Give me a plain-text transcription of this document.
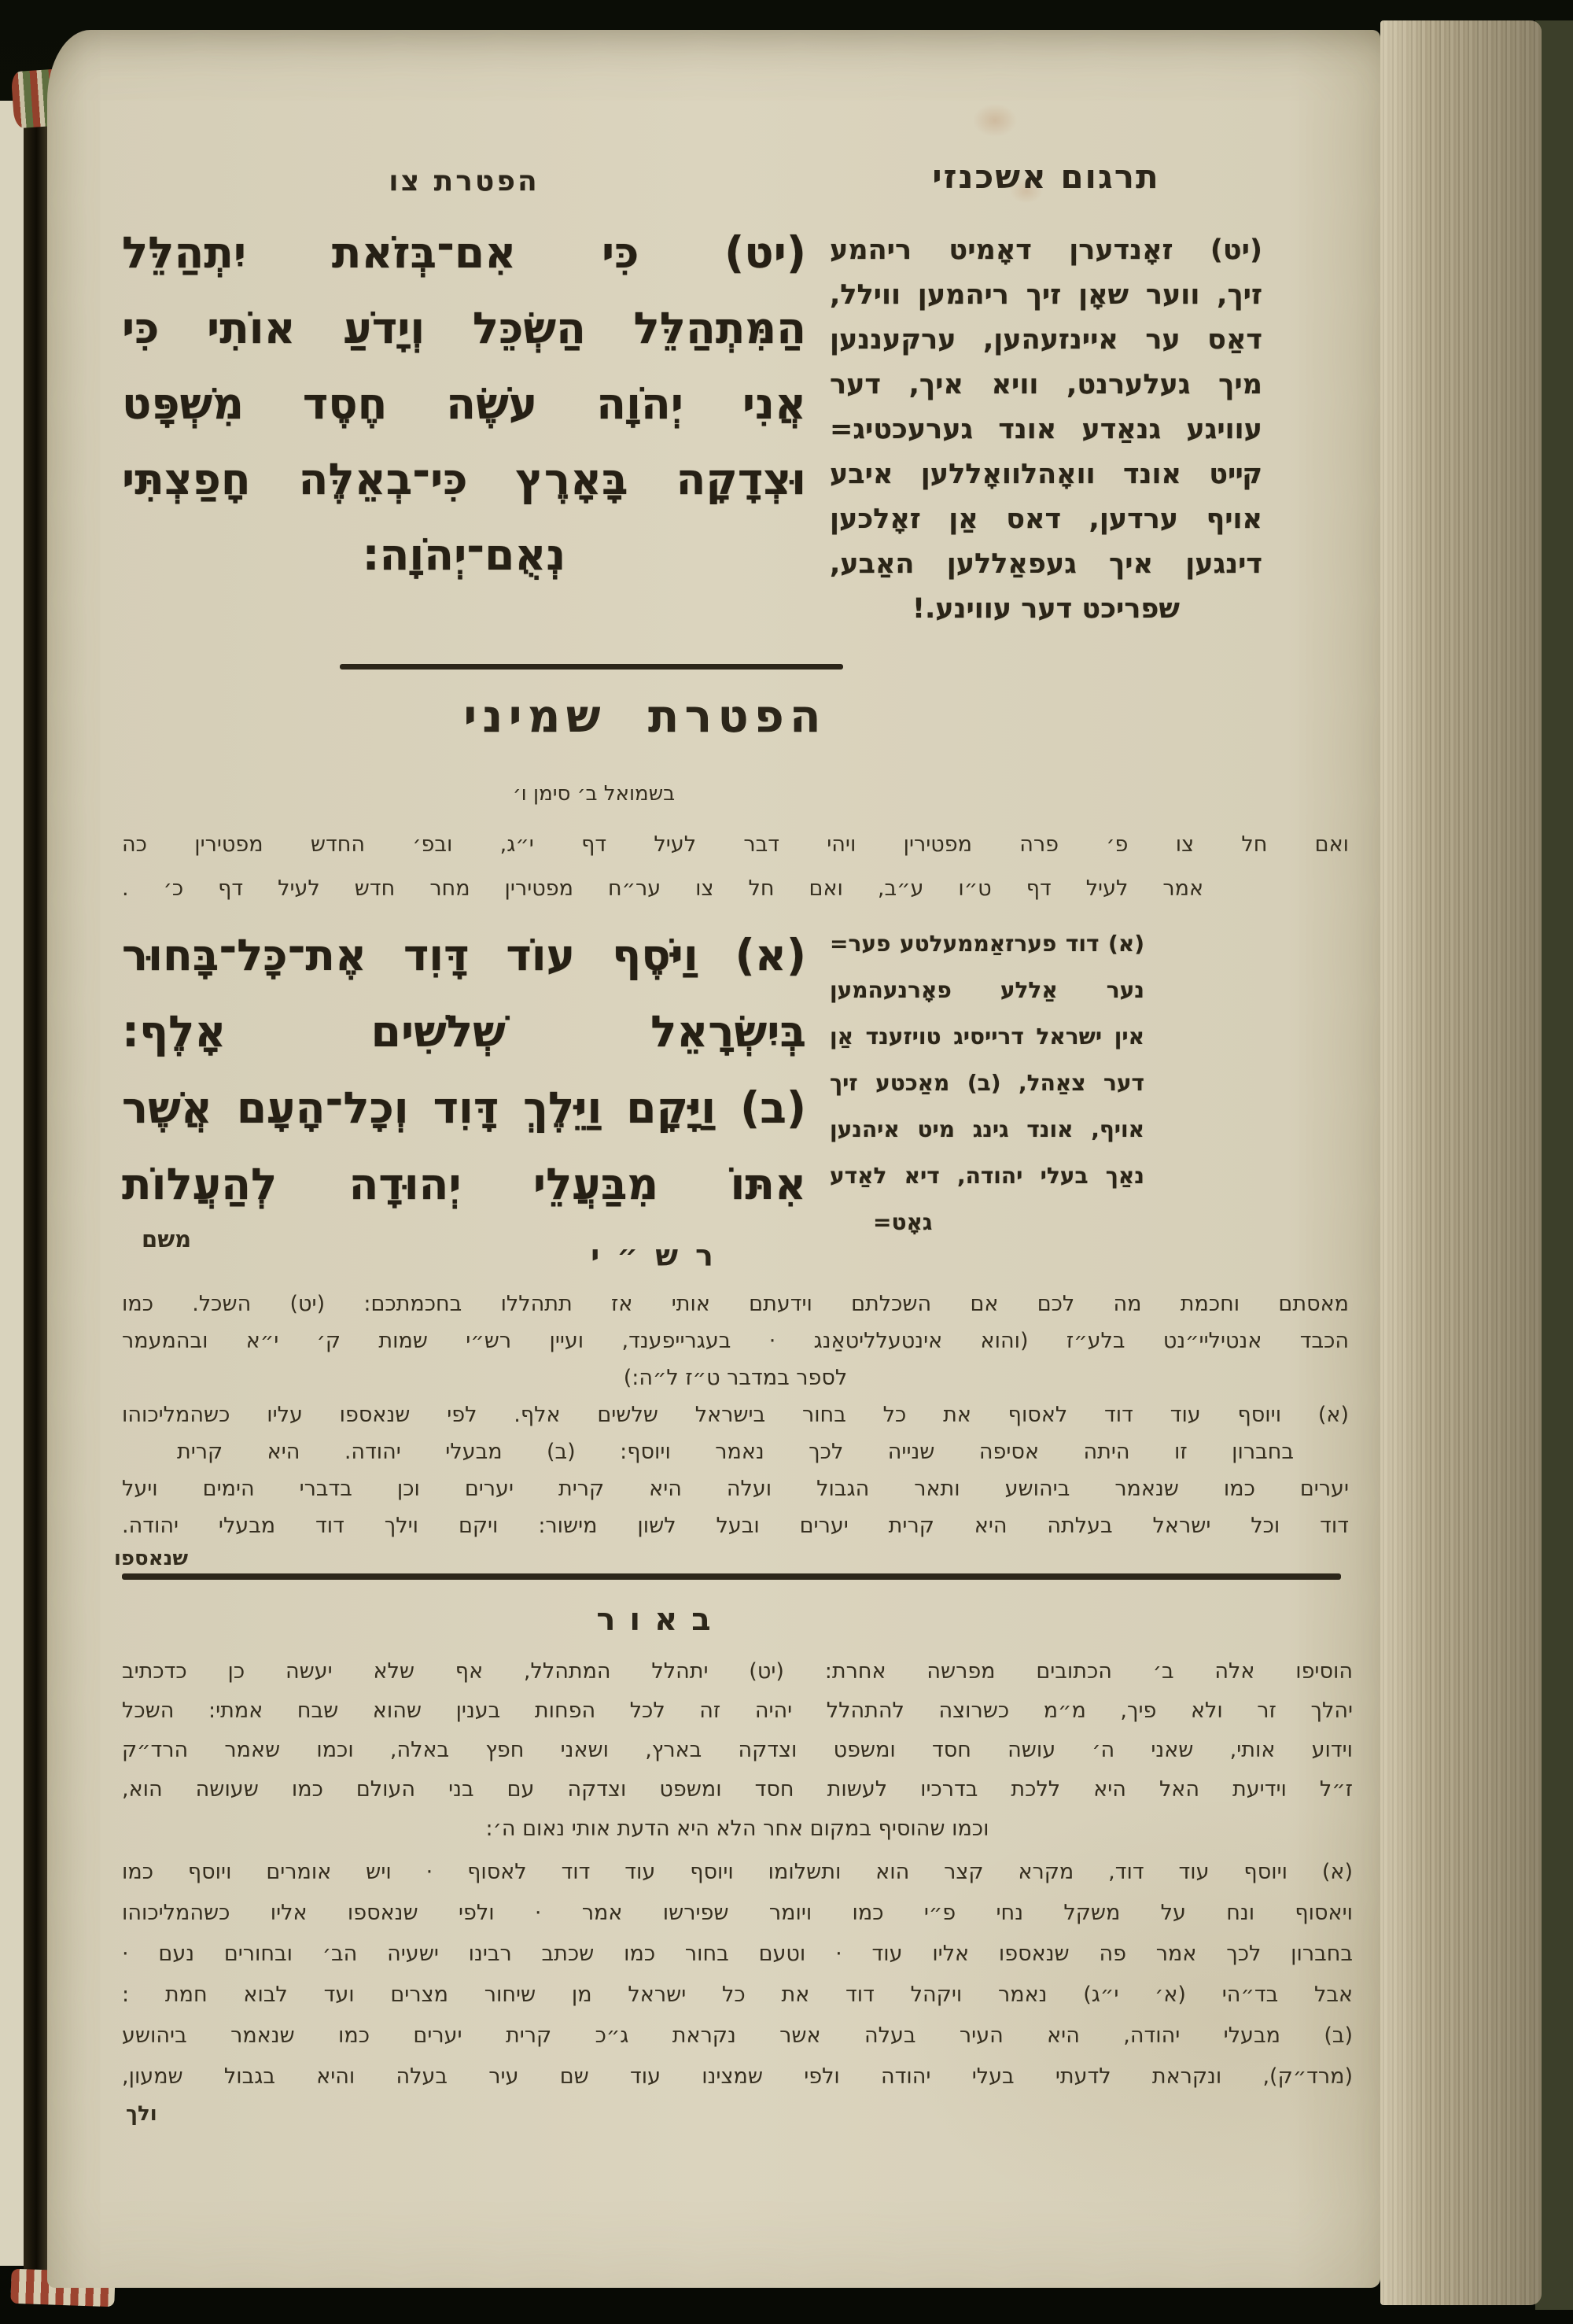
תרגום אשכנזי
(יט) זאָנדערן דאָמיט ריהמע
זיך, ווער שאָן זיך ריהמען ווילל,
דאַס ער איינזעהען, ערקעננען
מיך געלערנט, וויא איך, דער
עוויגע גנאַדע אונד גערעכטיג=
קײט אונד וואָהלוואָללען איבע
אויף ערדען, דאס אַן זאָלכען
דינגען איך געפאַללען האַבע,
שפריכט דער עווינע.!
הפטרת צו
(יט) כִּי אִם־בְּזֹאת יִתְהַלֵּל
הַמִּתְהַלֵּל הַשְׂכֵּל וְיָדֹעַ אוֹתִי כִּי
אֲנִי יְהֹוָה עֹשֶׂה חֶסֶד מִשְׁפָּט
וּצְדָקָה בָּאָרֶץ כִּי־בְאֵלֶּה חָפַצְתִּי
נְאֻם־יְהֹוָה:
הפטרת שמיני
בשמואל ב׳ סימן ו׳
ואם חל צו פ׳ פרה מפטירין ויהי דבר לעיל דף י״ג, ובפ׳ החדש מפטירין כה
אמר לעיל דף ט״ו ע״ב, ואם חל צו ער״ח מפטירין מחר חדש לעיל דף כ׳ .
(א) וַיֹּסֶף עוֹד דָּוִד אֶת־כָּל־בָּחוּר
בְּיִשְׂרָאֵל שְׁלֹשִׁים אָלֶף:
(ב) וַיָּקָם וַיֵּלֶךְ דָּוִד וְכָל־הָעָם אֲשֶׁר
אִתּוֹ מִבַּעֲלֵי יְהוּדָה לְהַעֲלוֹת
משם
(א) דוד פערזאַממעלטע פער=
נער אַללע פאָרנעהמען
אין ישראל דרייסיג טויזענד אַן
דער צאַהל, (ב) מאַכטע זיך
אויף, אונד גינג מיט איהנען
נאַך בעלי יהודה, דיא לאַדע
גאָט=
רש״י
מאסתם וחכמת מה לכם אם השכלתם וידעתם אותי אז תתהללו בחכמתכם: (יט) השכל. כמו
הכבד אנטיליי״נט בלע״ז (והוא אינטעלליטאַנג · בעגרייפענד, ועיין רש״י שמות ק׳ י״א ובהמעמר
לספר במדבר ט״ז ל״ה:)
(א) ויוסף עוד דוד לאסוף את כל בחור בישראל שלשים אלף. לפי שנאספו עליו כשהמליכוהו
בחברון זו היתה אסיפה שנייה לכך נאמר ויוסף: (ב) מבעלי יהודה. היא קרית
יערים כמו שנאמר ביהושע ותאר הגבול ועלה היא קרית יערים וכן בדברי הימים ויעל
דוד וכל ישראל בעלתה היא קרית יערים ובעל לשון מישור: ויקם וילך דוד מבעלי יהודה.
שנאספו
באור
הוסיפו אלה ב׳ הכתובים מפרשה אחרת: (יט) יתהלל המתהלל, אף שלא יעשה כן כדכתיב
יהלך זר ולא פיך, מ״מ כשרוצה להתהלל יהיה זה לכל הפחות בענין שהוא שבח אמתי: השכל
וידוע אותי, שאני ה׳ עושה חסד ומשפט וצדקה בארץ, ושאני חפץ באלה, וכמו שאמר הרד״ק
ז״ל וידיעת האל היא ללכת בדרכיו לעשות חסד ומשפט וצדקה עם בני העולם כמו שעושה הוא,
וכמו שהוסיף במקום אחר הלא היא הדעת אותי נאום ה׳:
(א) ויוסף עוד דוד, מקרא קצר הוא ותשלומו ויוסף עוד דוד לאסוף · ויש אומרים ויוסף כמו
ויאסוף ונח על משקל נחי פ״י כמו ויומר שפירשו אמר · ולפי שנאספו אליו כשהמליכוהו
בחברון לכך אמר פה שנאספו אליו עוד · וטעם בחור כמו שכתב רבינו ישעיה הב׳ ובחורים נעם ·
אבל בד״הי (א׳ י״ג) נאמר ויקהל דוד את כל ישראל מן שיחור מצרים ועד לבוא חמת :
(ב) מבעלי יהודה, היא העיר בעלה אשר נקראת ג״כ קרית יערים כמו שנאמר ביהושע
(מרד״ק), ונקראת לדעתי בעלי יהודה ולפי שמצינו עוד שם עיר בעלה והיא בגבול שמעון,
ולך
